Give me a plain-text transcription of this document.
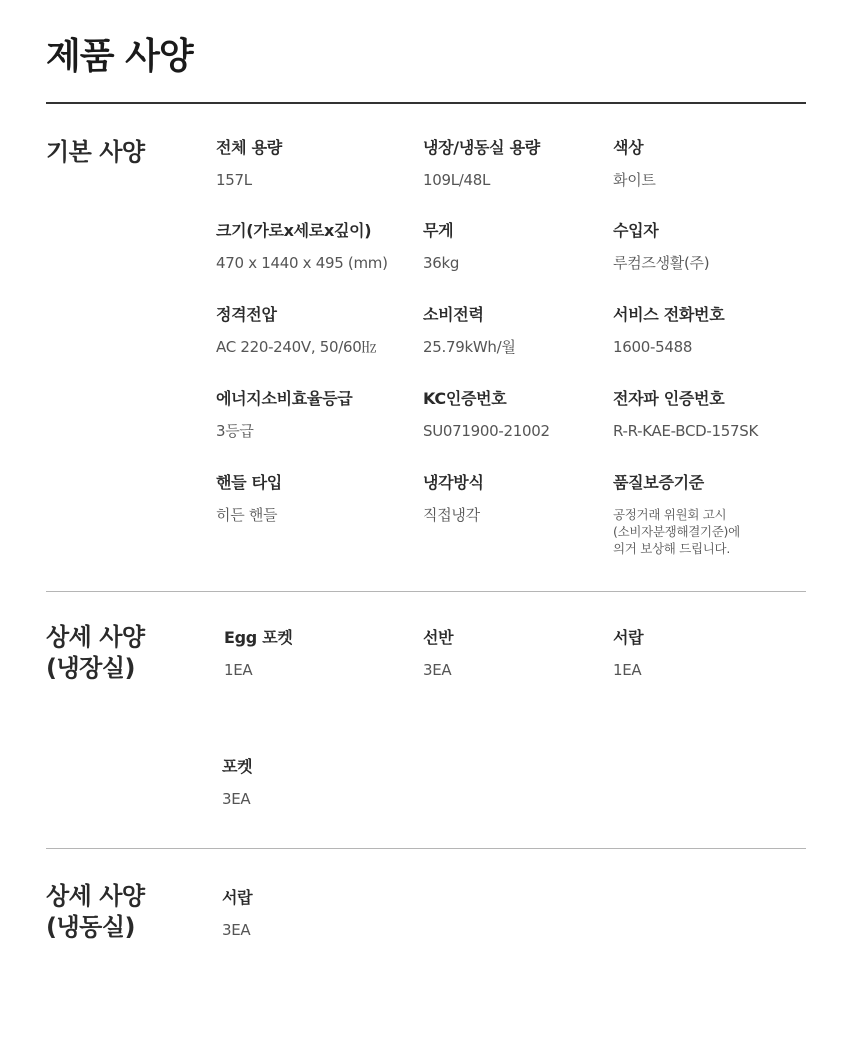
제품 사양
기본 사양	전체 용량
157L
냉장/냉동실 용량
109L/48L
색상
화이트
크기(가로x세로x깊이)
470 x 1440 x 495 (mm)
무게
36kg
수입자
루컴즈생활(주)
정격전압
AC 220-240V, 50/60㎐
소비전력
25.79kWh/월
서비스 전화번호
1600-5488
에너지소비효율등급
3등급
KC인증번호
SU071900-21002
전자파 인증번호
R-R-KAE-BCD-157SK
핸들 타입
히든 핸들
냉각방식
직접냉각
품질보증기준
공정거래 위원회 고시
(소비자분쟁해결기준)에
의거 보상해 드립니다.
상세 사양
(냉장실)
Egg 포켓
1EA
선반
3EA
서랍
1EA
포켓
3EA
상세 사양
(냉동실)
서랍
3EA
